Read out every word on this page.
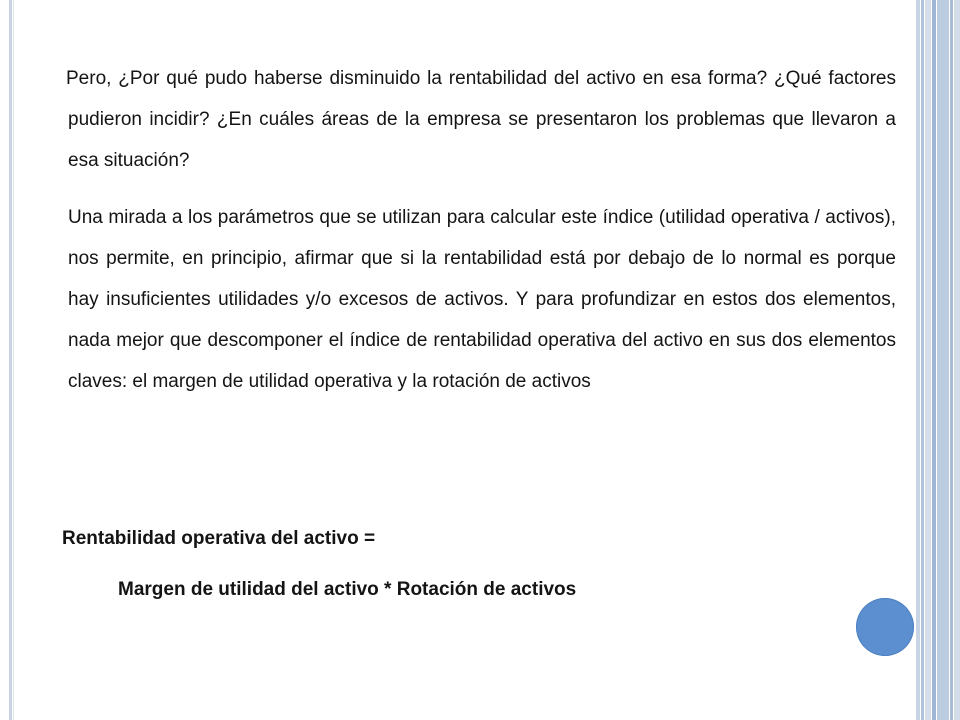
Pero, ¿Por qué pudo haberse disminuido la rentabilidad del activo en esa forma? ¿Qué factores pudieron incidir? ¿En cuáles áreas de la empresa se presentaron los problemas que llevaron a esa situación?

Una mirada a los parámetros que se utilizan para calcular este índice (utilidad operativa / activos), nos permite, en principio, afirmar que si la rentabilidad está por debajo de lo normal es porque hay insuficientes utilidades y/o excesos de activos. Y para profundizar en estos dos elementos, nada mejor que descomponer el índice de rentabilidad operativa del activo en sus dos elementos claves: el margen de utilidad operativa y la rotación de activos

Rentabilidad operativa del activo =

Margen de utilidad del activo * Rotación de activos
